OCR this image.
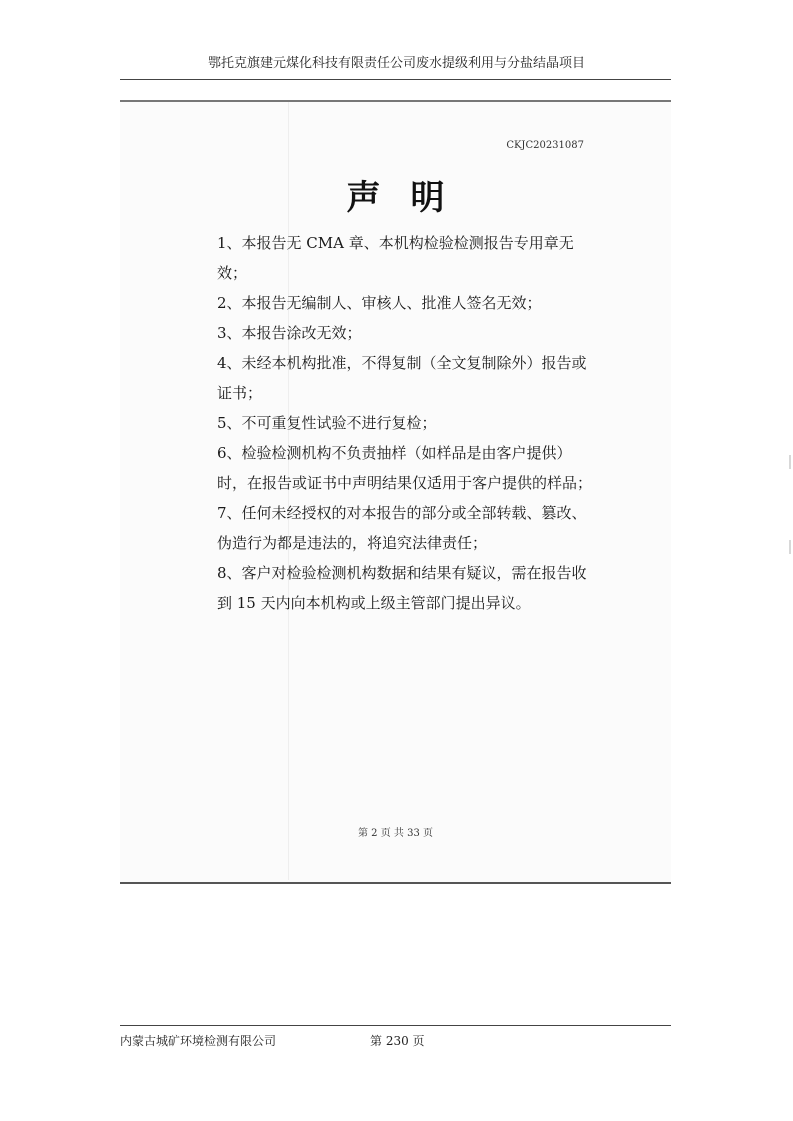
鄂托克旗建元煤化科技有限责任公司废水提级利用与分盐结晶项目
CKJC20231087
声明

1、本报告无 CMA 章、本机构检验检测报告专用章无效；

2、本报告无编制人、审核人、批准人签名无效；

3、本报告涂改无效；

4、未经本机构批准，不得复制（全文复制除外）报告或证书；

5、不可重复性试验不进行复检；

6、检验检测机构不负责抽样（如样品是由客户提供）时，在报告或证书中声明结果仅适用于客户提供的样品；

7、任何未经授权的对本报告的部分或全部转载、篡改、伪造行为都是违法的，将追究法律责任；

8、客户对检验检测机构数据和结果有疑议，需在报告收到 15 天内向本机构或上级主管部门提出异议。

第 2 页 共 33 页
内蒙古城矿环境检测有限公司	第 230 页
